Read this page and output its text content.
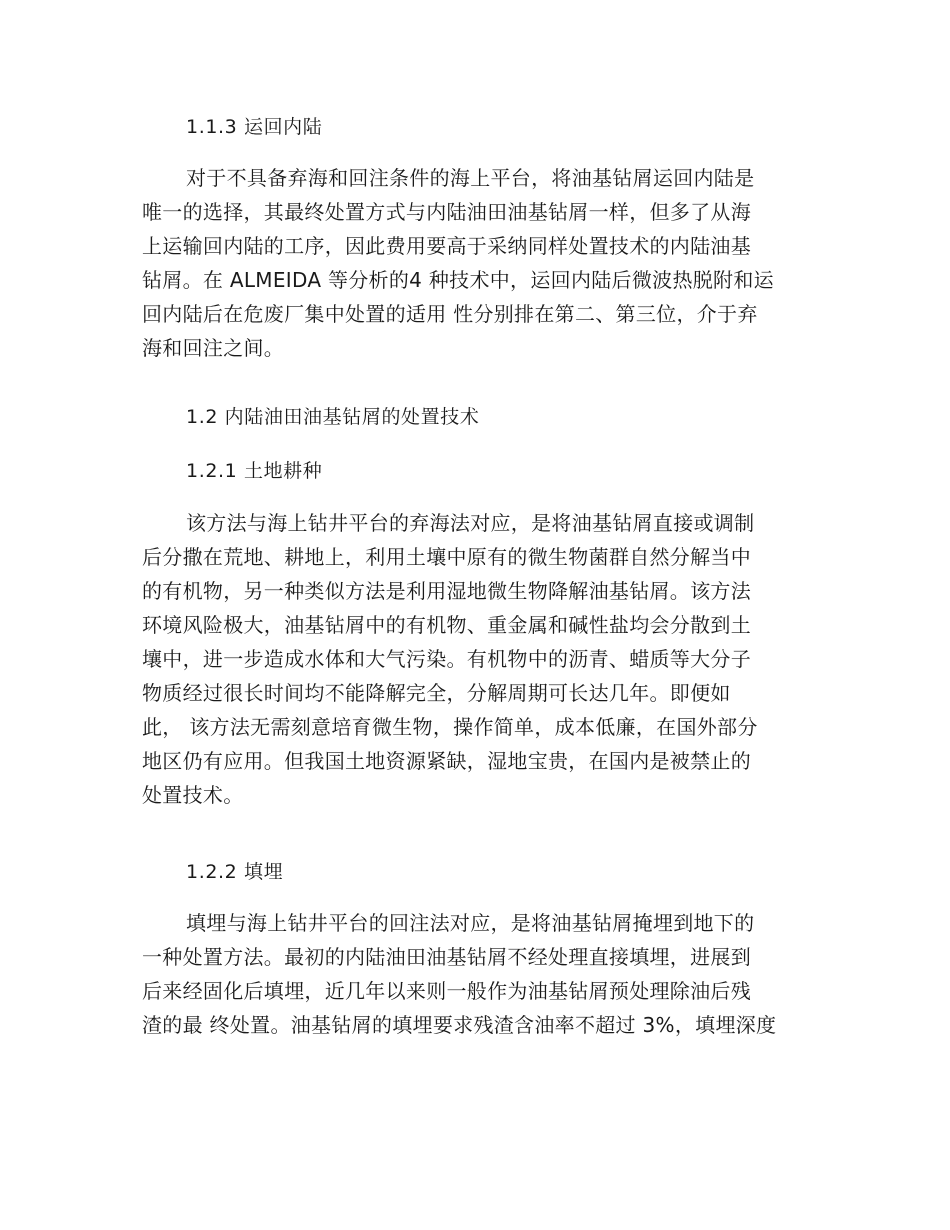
1.1.3 运回内陆

对于不具备弃海和回注条件的海上平台，将油基钻屑运回内陆是

唯一的选择，其最终处置方式与内陆油田油基钻屑一样，但多了从海

上运输回内陆的工序，因此费用要高于采纳同样处置技术的内陆油基

钻屑。在 ALMEIDA 等分析的4 种技术中，运回内陆后微波热脱附和运

回内陆后在危废厂集中处置的适用 性分别排在第二、第三位，介于弃

海和回注之间。

1.2 内陆油田油基钻屑的处置技术

1.2.1 土地耕种

该方法与海上钻井平台的弃海法对应，是将油基钻屑直接或调制

后分撒在荒地、耕地上，利用土壤中原有的微生物菌群自然分解当中

的有机物，另一种类似方法是利用湿地微生物降解油基钻屑。该方法

环境风险极大，油基钻屑中的有机物、重金属和碱性盐均会分散到土

壤中，进一步造成水体和大气污染。有机物中的沥青、蜡质等大分子

物质经过很长时间均不能降解完全，分解周期可长达几年。即便如

此， 该方法无需刻意培育微生物，操作简单，成本低廉，在国外部分

地区仍有应用。但我国土地资源紧缺，湿地宝贵，在国内是被禁止的

处置技术。

1.2.2 填埋

填埋与海上钻井平台的回注法对应，是将油基钻屑掩埋到地下的

一种处置方法。最初的内陆油田油基钻屑不经处理直接填埋，进展到

后来经固化后填埋，近几年以来则一般作为油基钻屑预处理除油后残

渣的最 终处置。油基钻屑的填埋要求残渣含油率不超过 3%，填埋深度
